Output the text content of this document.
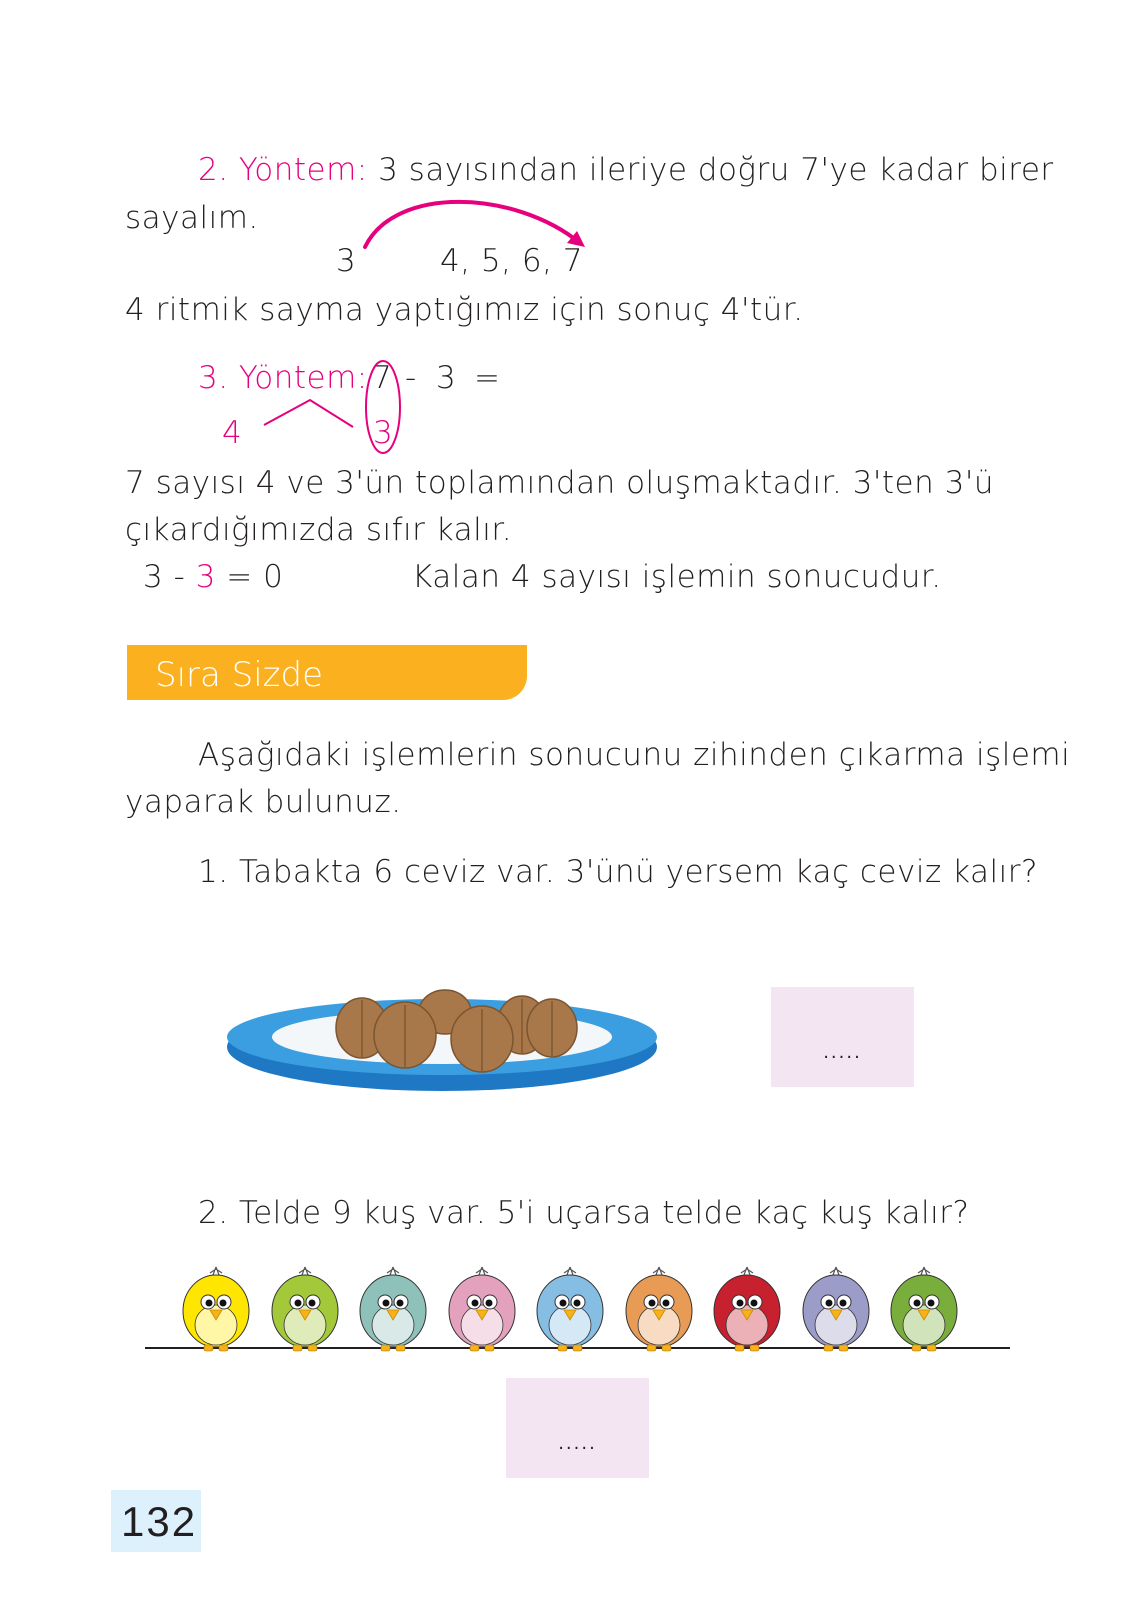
2. Yöntem: 3 sayısından ileriye doğru 7'ye kadar birer
sayalım.
3	4, 5, 6, 7
4 ritmik sayma yaptığımız için sonuç 4'tür.
3. Yöntem: 7 - 3 =
4	3
7 sayısı 4 ve 3'ün toplamından oluşmaktadır. 3'ten 3'ü
çıkardığımızda sıfır kalır.
3 - 3 = 0	Kalan 4 sayısı işlemin sonucudur.
Sıra Sizde
Aşağıdaki işlemlerin sonucunu zihinden çıkarma işlemi
yaparak bulunuz.
1. Tabakta 6 ceviz var. 3'ünü yersem kaç ceviz kalır?
.....
2. Telde 9 kuş var. 5'i uçarsa telde kaç kuş kalır?
.....
132
